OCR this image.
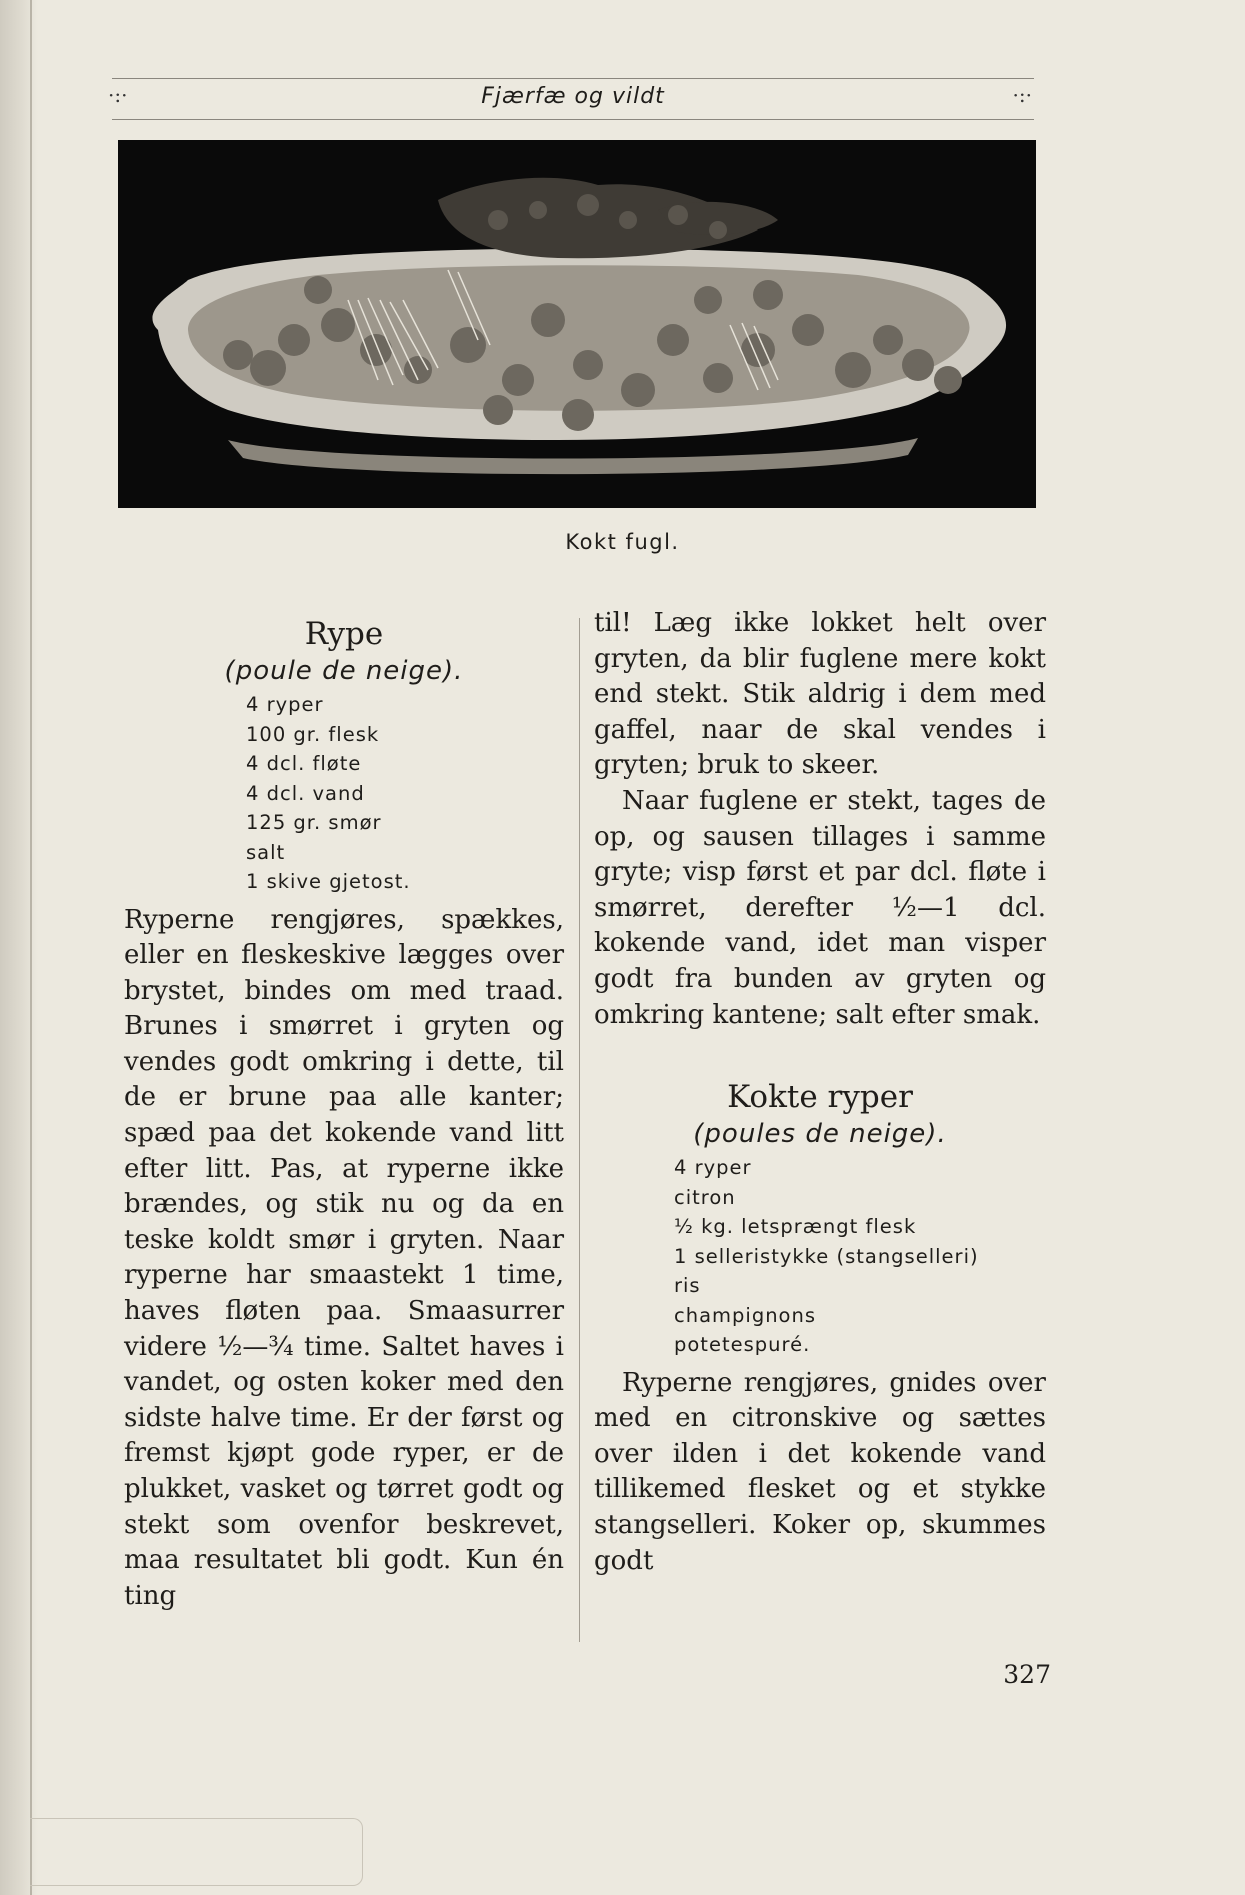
·:·	Fjærfæ og vildt	·:·
Kokt fugl.
Rype
(poule de neige).
4 ryper
100 gr. flesk
4 dcl. fløte
4 dcl. vand
125 gr. smør
salt
1 skive gjetost.

Ryperne rengjøres, spækkes, eller en fleskeskive lægges over brystet, bindes om med traad. Brunes i smørret i gryten og vendes godt omkring i dette, til de er brune paa alle kanter; spæd paa det kokende vand litt efter litt. Pas, at ryperne ikke brændes, og stik nu og da en teske koldt smør i gryten. Naar ryperne har smaastekt 1 time, haves fløten paa. Smaasurrer videre ½—¾ time. Saltet haves i vandet, og osten koker med den sidste halve time. Er der først og fremst kjøpt gode ryper, er de plukket, vasket og tørret godt og stekt som ovenfor beskrevet, maa resultatet bli godt. Kun én ting

til! Læg ikke lokket helt over gryten, da blir fuglene mere kokt end stekt. Stik aldrig i dem med gaffel, naar de skal vendes i gryten; bruk to skeer.

Naar fuglene er stekt, tages de op, og sausen tillages i samme gryte; visp først et par dcl. fløte i smørret, derefter ½—1 dcl. kokende vand, idet man visper godt fra bunden av gryten og omkring kantene; salt efter smak.

Kokte ryper
(poules de neige).
4 ryper
citron
½ kg. letsprængt flesk
1 selleristykke (stangselleri)
ris
champignons
potetespuré.

Ryperne rengjøres, gnides over med en citronskive og sættes over ilden i det kokende vand tillikemed flesket og et stykke stangselleri. Koker op, skummes godt

327
